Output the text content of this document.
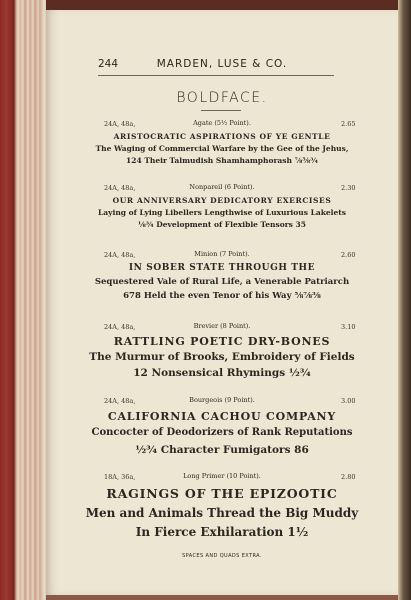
244	MARDEN, LUSE & CO.
BOLDFACE.
24A, 48a,	Agate (5½ Point).	2.65
ARISTOCRATIC ASPIRATIONS OF YE GENTLE
The Waging of Commercial Warfare by the Gee of the Jehus,
124 Their Talmudish Shamhamphorash ⅞⅝¾
24A, 48a,	Nonpareil (6 Point).	2.30
OUR ANNIVERSARY DEDICATORY EXERCISES
Laying of Lying Libellers Lengthwise of Luxurious Lakelets
⅛¾ Development of Flexible Tensors 35
24A, 48a,	Minion (7 Point).	2.60
IN SOBER STATE THROUGH THE
Sequestered Vale of Rural Life, a Venerable Patriarch
678 Held the even Tenor of his Way ⅝⅞⅜
24A, 48a,	Brevier (8 Point).	3.10
RATTLING POETIC DRY-BONES
The Murmur of Brooks, Embroidery of Fields
12 Nonsensical Rhymings ½¾
24A, 48a,	Bourgeois (9 Point).	3.00
CALIFORNIA CACHOU COMPANY
Concocter of Deodorizers of Rank Reputations
½¾ Character Fumigators 86
18A, 36a,	Long Primer (10 Point).	2.80
RAGINGS OF THE EPIZOOTIC
Men and Animals Thread the Big Muddy
In Fierce Exhilaration 1½
SPACES AND QUADS EXTRA.
